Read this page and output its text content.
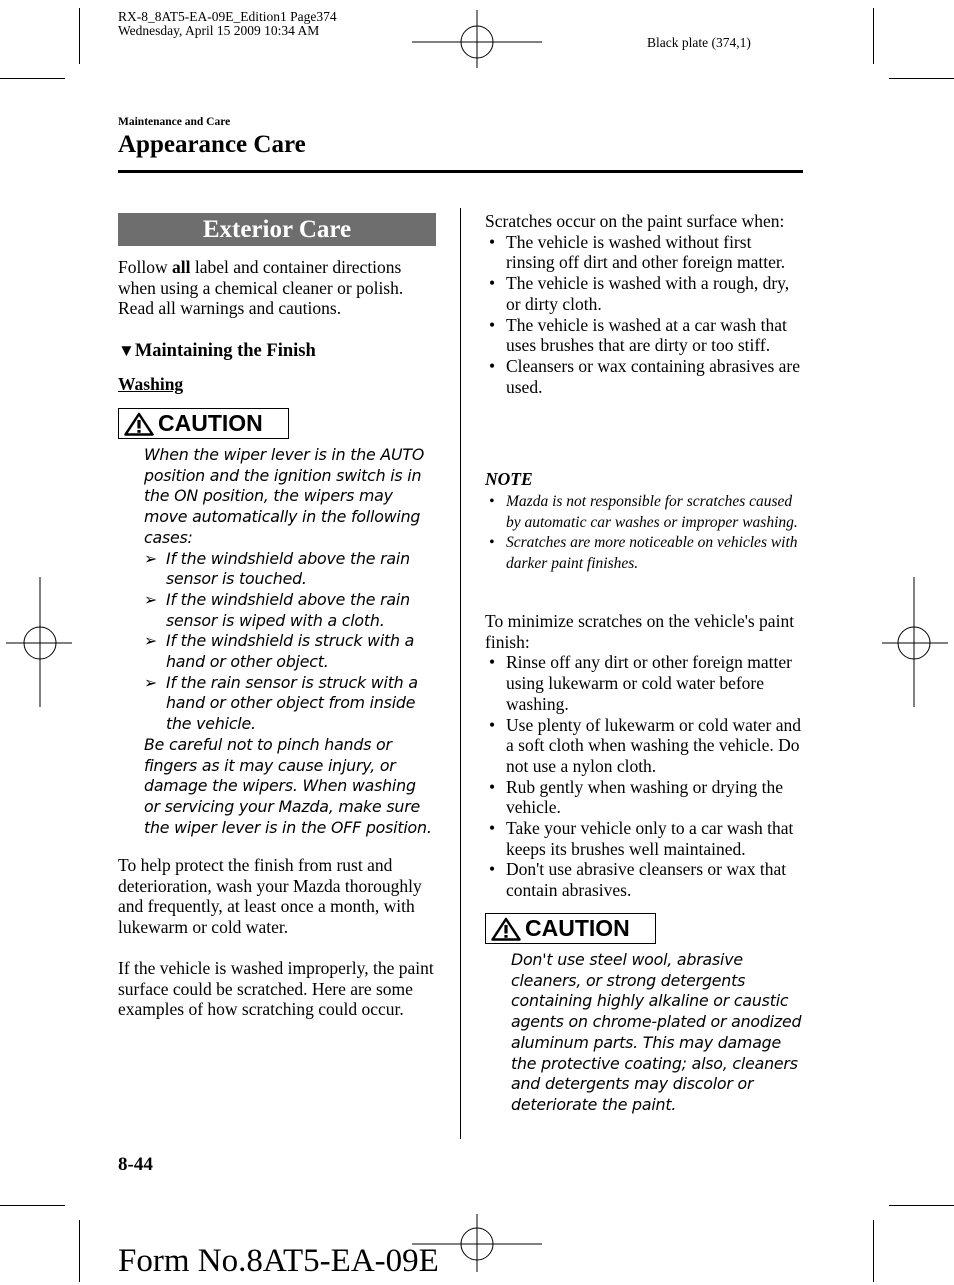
RX-8_8AT5-EA-09E_Edition1 Page374
Wednesday, April 15 2009 10:34 AM
Black plate (374,1)
Maintenance and Care
Appearance Care
Exterior Care
Follow all label and container directions when using a chemical cleaner or polish. Read all warnings and cautions.
▼Maintaining the Finish
Washing
CAUTION
When the wiper lever is in the AUTO position and the ignition switch is in the ON position, the wipers may move automatically in the following cases:
➢ If the windshield above the rain sensor is touched.
➢ If the windshield above the rain sensor is wiped with a cloth.
➢ If the windshield is struck with a hand or other object.
➢ If the rain sensor is struck with a hand or other object from inside the vehicle.
Be careful not to pinch hands or fingers as it may cause injury, or damage the wipers. When washing or servicing your Mazda, make sure the wiper lever is in the OFF position.
To help protect the finish from rust and deterioration, wash your Mazda thoroughly and frequently, at least once a month, with lukewarm or cold water.
If the vehicle is washed improperly, the paint surface could be scratched. Here are some examples of how scratching could occur.
Scratches occur on the paint surface when:
• The vehicle is washed without first rinsing off dirt and other foreign matter.
• The vehicle is washed with a rough, dry, or dirty cloth.
• The vehicle is washed at a car wash that uses brushes that are dirty or too stiff.
• Cleansers or wax containing abrasives are used.
NOTE
• Mazda is not responsible for scratches caused by automatic car washes or improper washing.
• Scratches are more noticeable on vehicles with darker paint finishes.
To minimize scratches on the vehicle's paint finish:
• Rinse off any dirt or other foreign matter using lukewarm or cold water before washing.
• Use plenty of lukewarm or cold water and a soft cloth when washing the vehicle. Do not use a nylon cloth.
• Rub gently when washing or drying the vehicle.
• Take your vehicle only to a car wash that keeps its brushes well maintained.
• Don't use abrasive cleansers or wax that contain abrasives.
CAUTION
Don't use steel wool, abrasive cleaners, or strong detergents containing highly alkaline or caustic agents on chrome-plated or anodized aluminum parts. This may damage the protective coating; also, cleaners and detergents may discolor or deteriorate the paint.
8-44
Form No.8AT5-EA-09E
